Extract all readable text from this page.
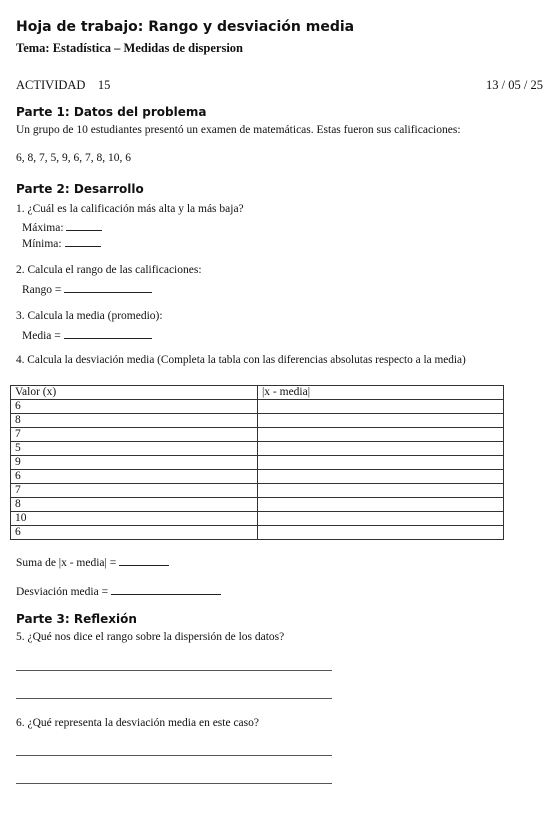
Hoja de trabajo: Rango y desviación media
Tema: Estadística – Medidas de dispersion
ACTIVIDAD    15	13 / 05 / 25
Parte 1: Datos del problema
Un grupo de 10 estudiantes presentó un examen de matemáticas. Estas fueron sus calificaciones:
6, 8, 7, 5, 9, 6, 7, 8, 10, 6
Parte 2: Desarrollo
1. ¿Cuál es la calificación más alta y la más baja?
Máxima:
Mínima:
2. Calcula el rango de las calificaciones:
Rango =
3. Calcula la media (promedio):
Media =
4. Calcula la desviación media (Completa la tabla con las diferencias absolutas respecto a la media)
Valor (x)	|x - media|
6	
8	
7	
5	
9	
6	
7	
8	
10	
6	
Suma de |x - media| =
Desviación media =
Parte 3: Reflexión
5. ¿Qué nos dice el rango sobre la dispersión de los datos?
6. ¿Qué representa la desviación media en este caso?
